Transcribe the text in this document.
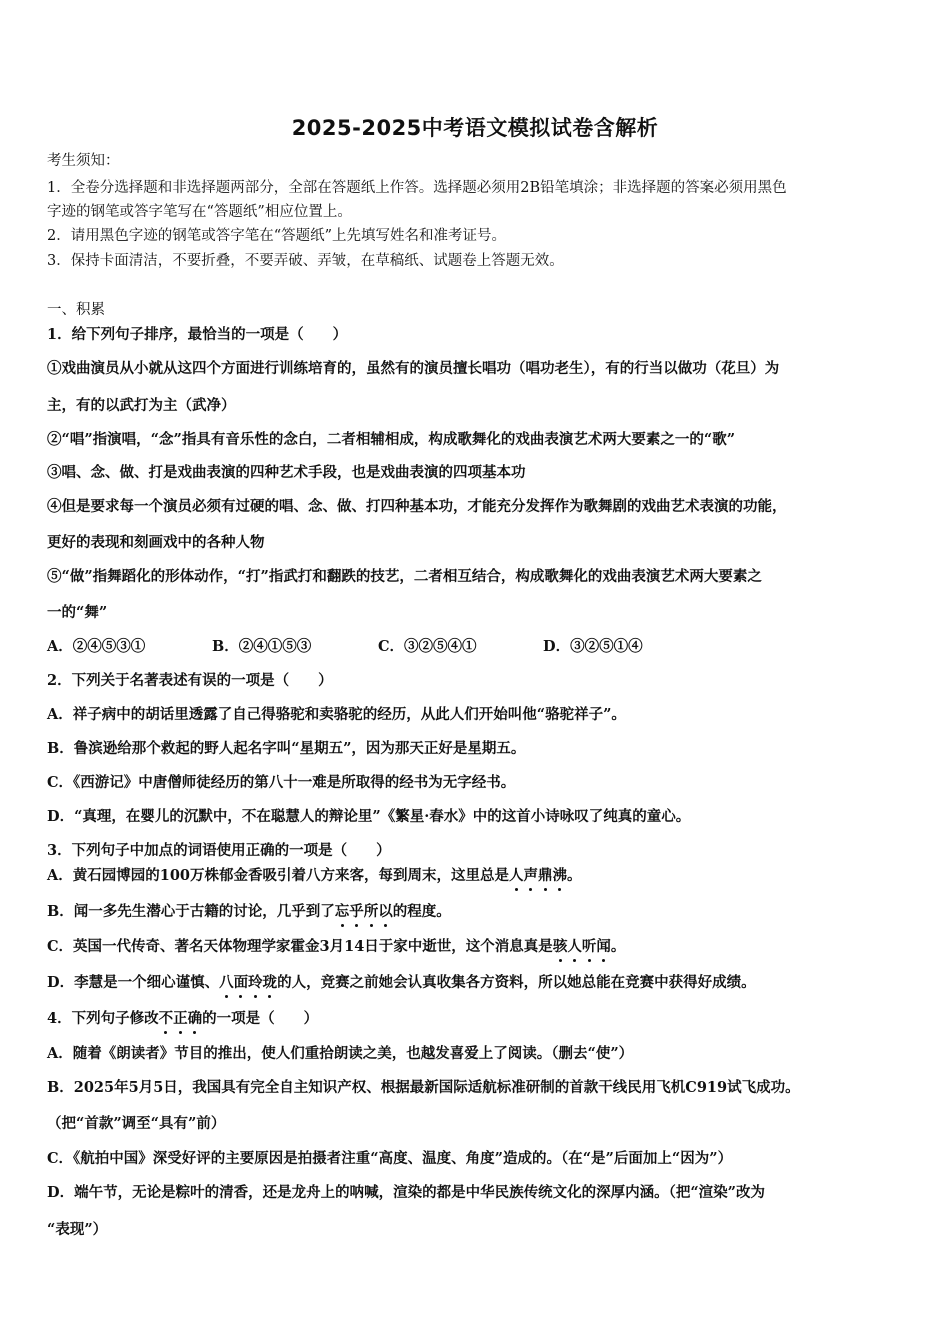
2025-2025中考语文模拟试卷含解析
考生须知：
1．全卷分选择题和非选择题两部分，全部在答题纸上作答。选择题必须用2B铅笔填涂；非选择题的答案必须用黑色
字迹的钢笔或答字笔写在“答题纸”相应位置上。
2．请用黑色字迹的钢笔或答字笔在“答题纸”上先填写姓名和准考证号。
3．保持卡面清洁，不要折叠，不要弄破、弄皱，在草稿纸、试题卷上答题无效。
一、积累
1．给下列句子排序，最恰当的一项是（　　）
①戏曲演员从小就从这四个方面进行训练培育的，虽然有的演员擅长唱功（唱功老生），有的行当以做功（花旦）为
主，有的以武打为主（武净）
②“唱”指演唱，“念”指具有音乐性的念白，二者相辅相成，构成歌舞化的戏曲表演艺术两大要素之一的“歌”
③唱、念、做、打是戏曲表演的四种艺术手段，也是戏曲表演的四项基本功
④但是要求每一个演员必须有过硬的唱、念、做、打四种基本功，才能充分发挥作为歌舞剧的戏曲艺术表演的功能，
更好的表现和刻画戏中的各种人物
⑤“做”指舞蹈化的形体动作，“打”指武打和翻跌的技艺，二者相互结合，构成歌舞化的戏曲表演艺术两大要素之
一的“舞”
A．②④⑤③①	B．②④①⑤③	C．③②⑤④①	D．③②⑤①④
2．下列关于名著表述有误的一项是（　　）
A．祥子病中的胡话里透露了自己得骆驼和卖骆驼的经历，从此人们开始叫他“骆驼祥子”。
B．鲁滨逊给那个救起的野人起名字叫“星期五”，因为那天正好是星期五。
C．《西游记》中唐僧师徒经历的第八十一难是所取得的经书为无字经书。
D．“真理，在婴儿的沉默中，不在聪慧人的辩论里”《繁星·春水》中的这首小诗咏叹了纯真的童心。
3．下列句子中加点的词语使用正确的一项是（　　）
A．黄石园博园的100万株郁金香吸引着八方来客，每到周末，这里总是人声鼎沸。
B．闻一多先生潜心于古籍的讨论，几乎到了忘乎所以的程度。
C．英国一代传奇、著名天体物理学家霍金3月14日于家中逝世，这个消息真是骇人听闻。
D．李慧是一个细心谨慎、八面玲珑的人，竞赛之前她会认真收集各方资料，所以她总能在竞赛中获得好成绩。
4．下列句子修改不正确的一项是（　　）
A．随着《朗读者》节目的推出，使人们重拾朗读之美，也越发喜爱上了阅读。（删去“使”）
B．2025年5月5日，我国具有完全自主知识产权、根据最新国际适航标准研制的首款干线民用飞机C919试飞成功。
（把“首款”调至“具有”前）
C．《航拍中国》深受好评的主要原因是拍摄者注重“高度、温度、角度”造成的。（在“是”后面加上“因为”）
D．端午节，无论是粽叶的清香，还是龙舟上的呐喊，渲染的都是中华民族传统文化的深厚内涵。（把“渲染”改为
“表现”）
